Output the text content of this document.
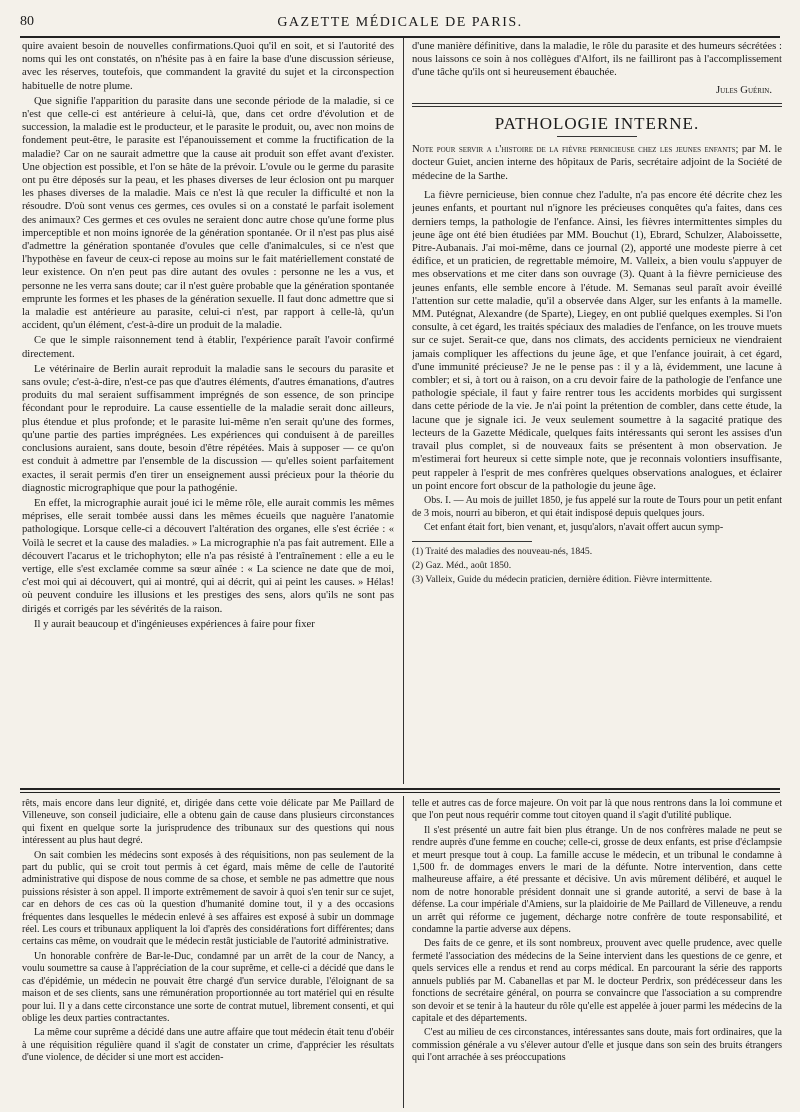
80	GAZETTE MÉDICALE DE PARIS.

quire avaient besoin de nouvelles confirmations.Quoi qu'il en soit, et si l'autorité des noms qui les ont constatés, on n'hésite pas à en faire la base d'une discussion sérieuse, avec les réserves, toutefois, que commandent la gravité du sujet et la circonspection habituelle de notre plume.

Que signifie l'apparition du parasite dans une seconde période de la maladie, si ce n'est que celle-ci est antérieure à celui-là, que, dans cet ordre d'évolution et de succession, la maladie est le producteur, et le parasite le produit, ou, avec non moins de fondement peut-être, le parasite est l'épanouissement et comme la fructification de la maladie? Car on ne saurait admettre que la cause ait produit son effet avant d'exister. Une objection est possible, et l'on se hâte de la prévoir. L'ovule ou le germe du parasite ont pu être déposés sur la peau, et les phases diverses de leur éclosion ont pu marquer les phases diverses de la maladie. Mais ce n'est là que reculer la difficulté et non la résoudre. D'où sont venus ces germes, ces ovules si on a constaté le parfait isolement des animaux? Ces germes et ces ovules ne seraient donc autre chose qu'une forme plus imperceptible et non moins ignorée de la génération spontanée. Or il n'est pas plus aisé d'admettre la génération spontanée d'ovules que celle d'animalcules, si ce n'est que l'hypothèse en faveur de ceux-ci repose au moins sur le fait matériellement constaté de leur existence. On n'en peut pas dire autant des ovules : personne ne les a vus, et personne ne les verra sans doute; car il n'est guère probable que la génération spontanée emprunte les formes et les phases de la génération sexuelle. Il faut donc admettre que si la maladie est antérieure au parasite, celui-ci n'est, par rapport à celle-là, qu'un accident, qu'un élément, c'est-à-dire un produit de la maladie.

Ce que le simple raisonnement tend à établir, l'expérience paraît l'avoir confirmé directement.

Le vétérinaire de Berlin aurait reproduit la maladie sans le secours du parasite et sans ovule; c'est-à-dire, n'est-ce pas que d'autres éléments, d'autres émanations, d'autres produits du mal seraient suffisamment imprégnés de son essence, de son principe fécondant pour le reproduire. La cause essentielle de la maladie serait donc ailleurs, plus étendue et plus profonde; et le parasite lui-même n'en serait qu'une des formes, qu'une partie des parties imprégnées. Les expériences qui conduisent à de pareilles conclusions auraient, sans doute, besoin d'être répétées. Mais à supposer — ce qu'on est conduit à admettre par l'ensemble de la discussion — qu'elles soient parfaitement exactes, il serait permis d'en tirer un enseignement aussi précieux pour la théorie du diagnostic micrographique que pour la pathogénie.

En effet, la micrographie aurait joué ici le même rôle, elle aurait commis les mêmes méprises, elle serait tombée aussi dans les mêmes écueils que naguère l'anatomie pathologique. Lorsque celle-ci a découvert l'altération des organes, elle s'est écriée : « Voilà le secret et la cause des maladies. » La micrographie n'a pas fait autrement. Elle a découvert l'acarus et le trichophyton; elle n'a pas résisté à l'entraînement : elle a eu le vertige, elle s'est exclamée comme sa sœur aînée : « La science ne date que de moi, c'est moi qui ai découvert, qui ai montré, qui ai décrit, qui ai peint les causes. » Hélas! où peuvent conduire les illusions et les prestiges des sens, alors qu'ils ne sont pas dirigés et corrigés par les sévérités de la raison.

Il y aurait beaucoup et d'ingénieuses expériences à faire pour fixer

d'une manière définitive, dans la maladie, le rôle du parasite et des humeurs sécrétées : nous laissons ce soin à nos collègues d'Alfort, ils ne failliront pas à l'accomplissement d'une tâche qu'ils ont si heureusement ébauchée.

Jules Guérin.
PATHOLOGIE INTERNE.
Note pour servir a l'histoire de la fièvre pernicieuse chez les jeunes enfants; par M. le docteur Guiet, ancien interne des hôpitaux de Paris, secrétaire adjoint de la Société de médecine de la Sarthe.

La fièvre pernicieuse, bien connue chez l'adulte, n'a pas encore été décrite chez les jeunes enfants, et pourtant nul n'ignore les précieuses conquêtes qu'a faites, dans ces derniers temps, la pathologie de l'enfance. Ainsi, les fièvres intermittentes simples du jeune âge ont été bien étudiées par MM. Bouchut (1), Ebrard, Schulzer, Alaboissette, Pitre-Aubanais. J'ai moi-même, dans ce journal (2), apporté une modeste pierre à cet édifice, et un praticien, de regrettable mémoire, M. Valleix, a bien voulu s'appuyer de mes observations et me citer dans son ouvrage (3). Quant à la fièvre pernicieuse des jeunes enfants, elle semble encore à l'étude. M. Semanas seul paraît avoir éveillé l'attention sur cette maladie, qu'il a observée dans Alger, sur les enfants à la mamelle. MM. Putégnat, Alexandre (de Sparte), Liegey, en ont publié quelques exemples. Si l'on consulte, à cet égard, les traités spéciaux des maladies de l'enfance, on les trouve muets sur ce sujet. Serait-ce que, dans nos climats, des accidents pernicieux ne viendraient jamais compliquer les affections du jeune âge, et que l'enfance jouirait, à cet égard, d'une immunité précieuse? Je ne le pense pas : il y a là, évidemment, une lacune à combler; et si, à tort ou à raison, on a cru devoir faire de la pathologie de l'enfance une pathologie spéciale, il faut y faire rentrer tous les accidents morbides qui surgissent dans cette période de la vie. Je n'ai point la prétention de combler, dans cette étude, la lacune que je signale ici. Je veux seulement soumettre à la sagacité pratique des lecteurs de la Gazette Médicale, quelques faits intéressants qui seront les assises d'un travail plus complet, si de nouveaux faits se présentent à mon observation. Je m'estimerai fort heureux si cette simple note, que je reconnais volontiers insuffisante, peut rappeler à l'esprit de mes confrères quelques observations analogues, et éclairer un point encore fort obscur de la pathologie du jeune âge.

Obs. I. — Au mois de juillet 1850, je fus appelé sur la route de Tours pour un petit enfant de 3 mois, nourri au biberon, et qui était indisposé depuis quelques jours.

Cet enfant était fort, bien venant, et, jusqu'alors, n'avait offert aucun symp-

(1) Traité des maladies des nouveau-nés, 1845.

(2) Gaz. Méd., août 1850.

(3) Valleix, Guide du médecin praticien, dernière édition. Fièvre intermittente.

rêts, mais encore dans leur dignité, et, dirigée dans cette voie délicate par Me Paillard de Villeneuve, son conseil judiciaire, elle a obtenu gain de cause dans plusieurs circonstances qui fixent en quelque sorte la jurisprudence des tribunaux sur des questions qui nous intéressent au plus haut degré.

On sait combien les médecins sont exposés à des réquisitions, non pas seulement de la part du public, qui se croit tout permis à cet égard, mais même de celle de l'autorité administrative qui dispose de nous comme de sa chose, et semble ne pas admettre que nous puissions résister à son appel. Il importe extrêmement de savoir à quoi s'en tenir sur ce sujet, car en dehors de ces cas où la question d'humanité domine tout, il y a des occasions fréquentes dans lesquelles le médecin enlevé à ses affaires est exposé à subir un dommage réel. Les cours et tribunaux appliquent la loi d'après des considérations fort différentes; dans certains cas même, on voudrait que le médecin restât justiciable de l'autorité administrative.

Un honorable confrère de Bar-le-Duc, condamné par un arrêt de la cour de Nancy, a voulu soumettre sa cause à l'appréciation de la cour suprême, et celle-ci a décidé que dans le cas d'épidémie, un médecin ne pouvait être chargé d'un service durable, l'éloignant de sa maison et de ses clients, sans une rémunération proportionnée au tort matériel qui en résulte pour lui. Il y a dans cette circonstance une sorte de contrat mutuel, librement consenti, et qui oblige les deux parties contractantes.

La même cour suprême a décidé dans une autre affaire que tout médecin était tenu d'obéir à une réquisition régulière quand il s'agit de constater un crime, d'apprécier les résultats d'une violence, de décider si une mort est acciden-

telle et autres cas de force majeure. On voit par là que nous rentrons dans la loi commune et que l'on peut nous requérir comme tout citoyen quand il s'agit d'utilité publique.

Il s'est présenté un autre fait bien plus étrange. Un de nos confrères malade ne peut se rendre auprès d'une femme en couche; celle-ci, grosse de deux enfants, est prise d'éclampsie et meurt presque tout à coup. La famille accuse le médecin, et un tribunal le condamne à 1,500 fr. de dommages envers le mari de la défunte. Notre intervention, dans cette malheureuse affaire, a été pressante et décisive. Un avis mûrement délibéré, et auquel le nom de notre honorable président donnait une si grande autorité, a servi de base à la défense. La cour impériale d'Amiens, sur la plaidoirie de Me Paillard de Villeneuve, a rendu un arrêt qui réforme ce jugement, décharge notre confrère de toute responsabilité, et condamne la partie adverse aux dépens.

Des faits de ce genre, et ils sont nombreux, prouvent avec quelle prudence, avec quelle fermeté l'association des médecins de la Seine intervient dans les questions de ce genre, et quels services elle a rendus et rend au corps médical. En parcourant la série des rapports annuels publiés par M. Cabanellas et par M. le docteur Perdrix, son prédécesseur dans les fonctions de secrétaire général, on pourra se convaincre que l'association a su comprendre son devoir et se tenir à la hauteur du rôle qu'elle est appelée à jouer parmi les médecins de la capitale et des départements.

C'est au milieu de ces circonstances, intéressantes sans doute, mais fort ordinaires, que la commission générale a vu s'élever autour d'elle et jusque dans son sein des bruits étrangers qui l'ont arrachée à ses préoccupations
